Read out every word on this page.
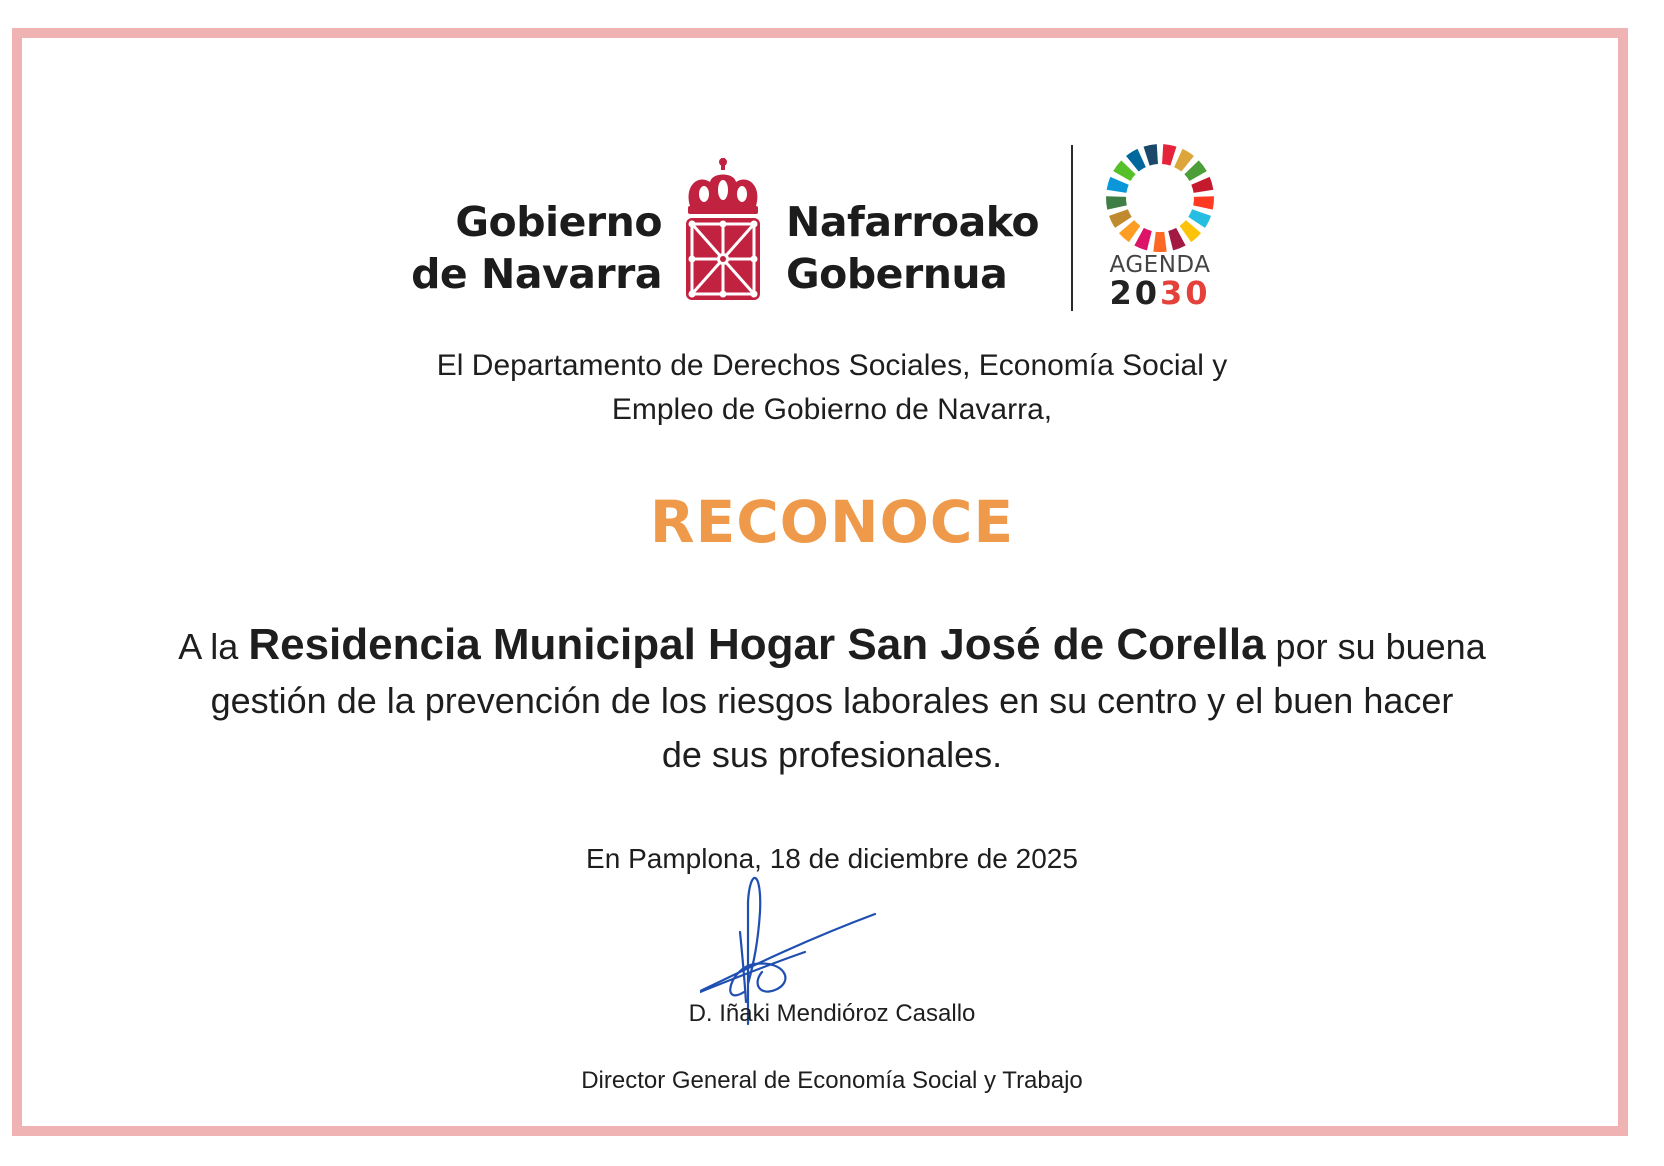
Gobierno
de Navarra
Nafarroako
Gobernua	AGENDA
2030
El Departamento de Derechos Sociales, Economía Social y
Empleo de Gobierno de Navarra,
RECONOCE
A la Residencia Municipal Hogar San José de Corella por su buena
gestión de la prevención de los riesgos laborales en su centro y el buen hacer
de sus profesionales.
En Pamplona, 18 de diciembre de 2025
D. Iñaki Mendióroz Casallo
Director General de Economía Social y Trabajo
